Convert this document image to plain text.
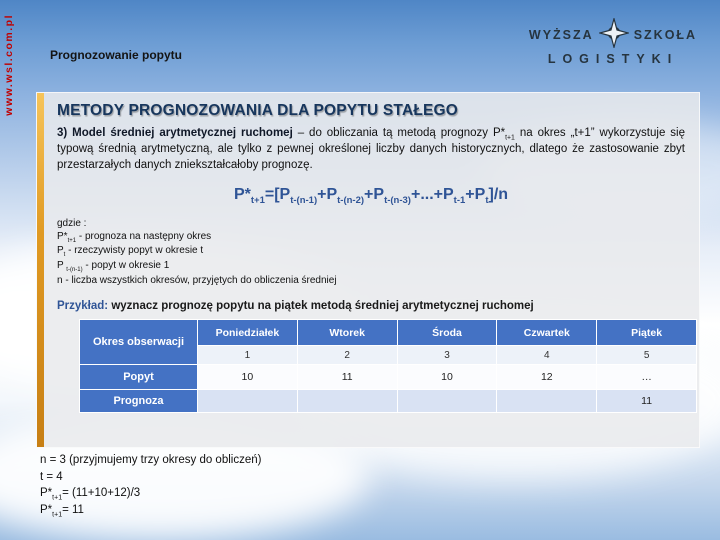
www.wsl.com.pl	Prognozowanie popytu
WYŻSZA	SZKOŁA
LOGISTYKI
METODY PROGNOZOWANIA DLA POPYTU STAŁEGO

3) Model średniej arytmetycznej ruchomej – do obliczania tą metodą prognozy $P*_{t+1}$ na okres „t+1” wykorzystuje się typową średnią arytmetyczną, ale tylko z pewnej określonej liczby danych historycznych, dlatego że zastosowanie zbyt przestarzałych danych zniekształcałoby prognozę.

$P*_{t+1}=[P_{t-(n-1)}+P_{t-(n-2)}+P_{t-(n-3)}+...+P_{t-1}+P_t]/n$
gdzie :
$P*_{t+1}$ - prognoza na następny okres
$P_t$ - rzeczywisty popyt w okresie t
P $_{t-(n-1)}$ - popyt w okresie 1
n - liczba wszystkich okresów, przyjętych do obliczenia średniej
Przykład: wyznacz prognozę popytu na piątek metodą średniej arytmetycznej ruchomej
Okres obserwacji	Poniedziałek	Wtorek	Środa	Czwartek	Piątek
	1	2	3	4	5
Popyt	10	11	10	12	…
Prognoza					11
n = 3 (przyjmujemy trzy okresy do obliczeń)
t = 4
$P*_{t+1}= (11+10+12)/3$
$P*_{t+1}= 11$
